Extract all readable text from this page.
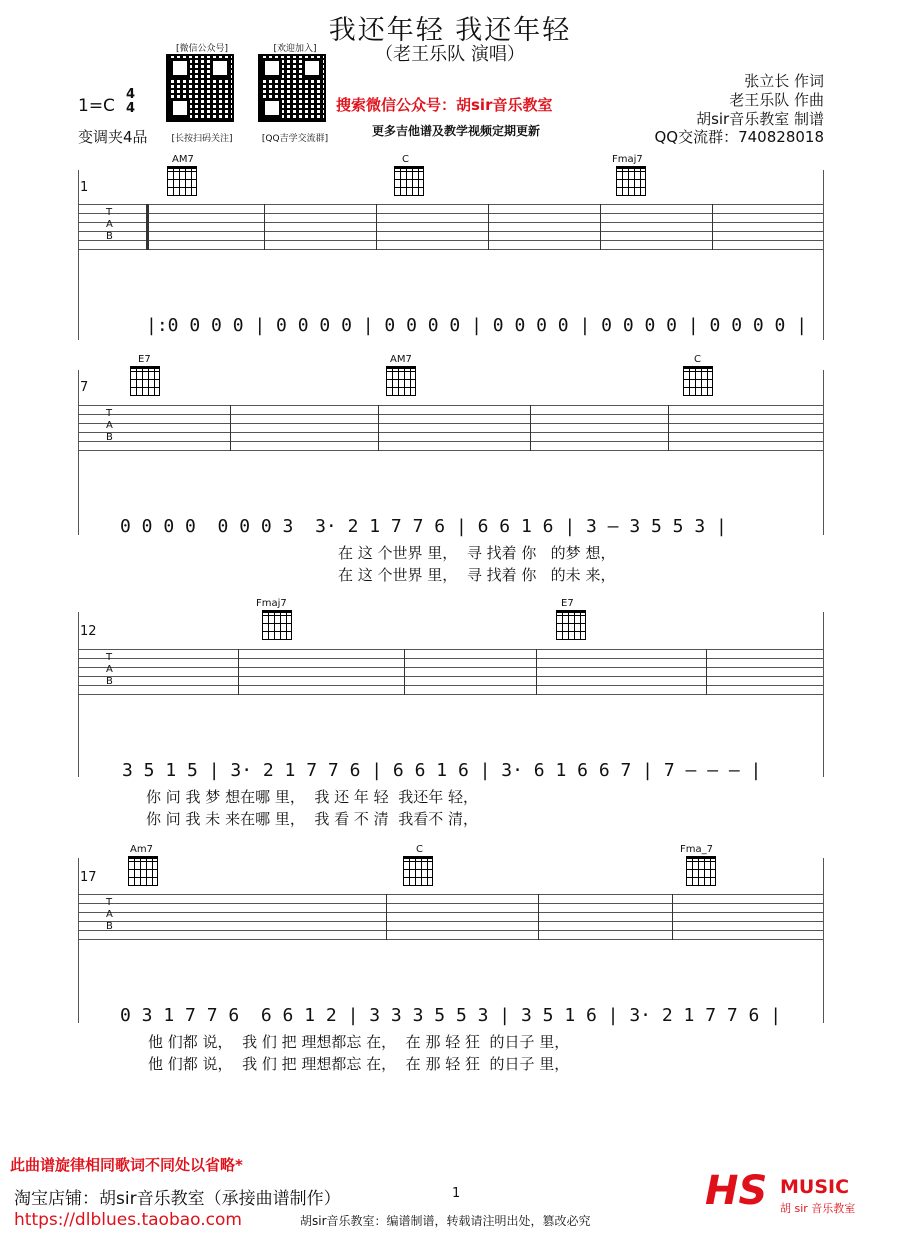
我还年轻 我还年轻
（老王乐队 演唱）
1=C
4
4
变调夹4品
张立长 作词
老王乐队 作曲
胡sir音乐教室 制谱
QQ交流群：740828018
[微信公众号]
[长按扫码关注]
[欢迎加入]
[QQ吉学交流群]
搜索微信公众号：胡sir音乐教室
更多吉他谱及教学视频定期更新
1
AM7	C	Fmaj7
T
A
B
|:0 0 0 0 | 0 0 0 0 | 0 0 0 0 | 0 0 0 0 | 0 0 0 0 | 0 0 0 0 |
7
E7	AM7	C
T
A
B
0 0 0 0  0 0 0 3  3· 2 1 7 7 6 | 6 6 1 6 | 3 – 3 5 5 3 |
在 这 个世界 里，  寻 找着 你   的梦 想，
在 这 个世界 里，  寻 找着 你   的未 来，
12
Fmaj7	E7
T
A
B
3 5 1 5 | 3· 2 1 7 7 6 | 6 6 1 6 | 3· 6 1 6 6 7 | 7 – – – |
你 问 我 梦 想在哪 里，  我 还 年 轻  我还年 轻，
你 问 我 未 来在哪 里，  我 看 不 清  我看不 清，
17
Am7	C	Fma_7
T
A
B
0 3 1 7 7 6  6 6 1 2 | 3 3 3 5 5 3 | 3 5 1 6 | 3· 2 1 7 7 6 |
他 们都 说，  我 们 把 理想都忘 在，  在 那 轻 狂  的日子 里，
他 们都 说，  我 们 把 理想都忘 在，  在 那 轻 狂  的日子 里，
此曲谱旋律相同歌词不同处以省略*
淘宝店铺：胡sir音乐教室（承接曲谱制作）
https://dlblues.taobao.com	胡sir音乐教室：编谱制谱，转载请注明出处，篡改必究
1	HS MUSIC
胡 sir 音乐教室
